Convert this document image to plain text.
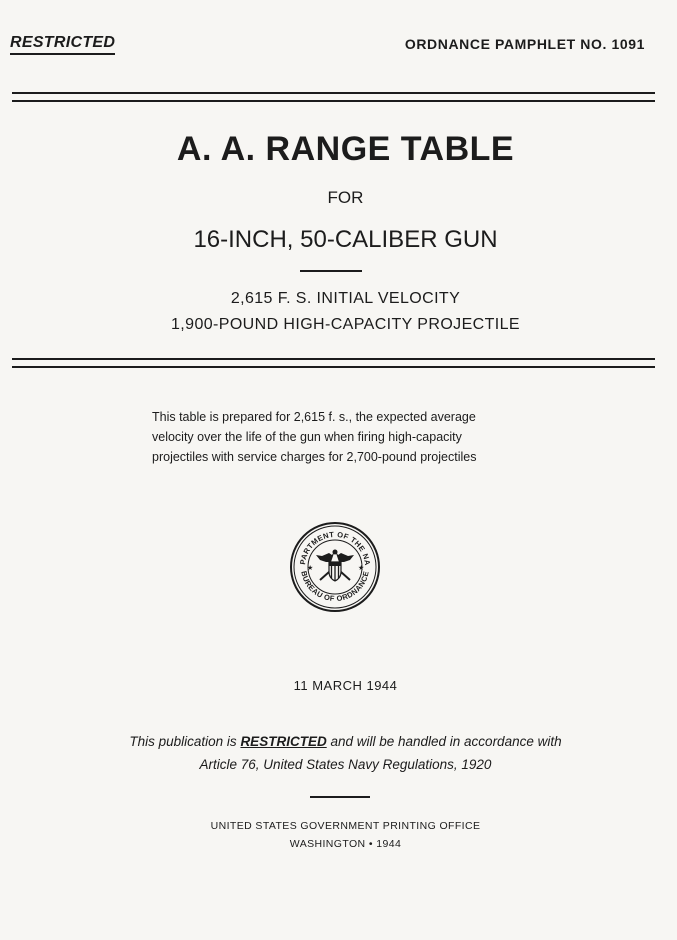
RESTRICTED	ORDNANCE PAMPHLET NO. 1091
A. A. RANGE TABLE
FOR
16-INCH, 50-CALIBER GUN
2,615 F. S. INITIAL VELOCITY
1,900-POUND HIGH-CAPACITY PROJECTILE
This table is prepared for 2,615 f. s., the expected average
velocity over the life of the gun when firing high-capacity
projectiles with service charges for 2,700-pound projectiles
PARTMENT OF THE NA
BUREAU OF ORDNANCE
★	★
11 MARCH 1944
This publication is RESTRICTED and will be handled in accordance with
Article 76, United States Navy Regulations, 1920
UNITED STATES GOVERNMENT PRINTING OFFICE
WASHINGTON • 1944
